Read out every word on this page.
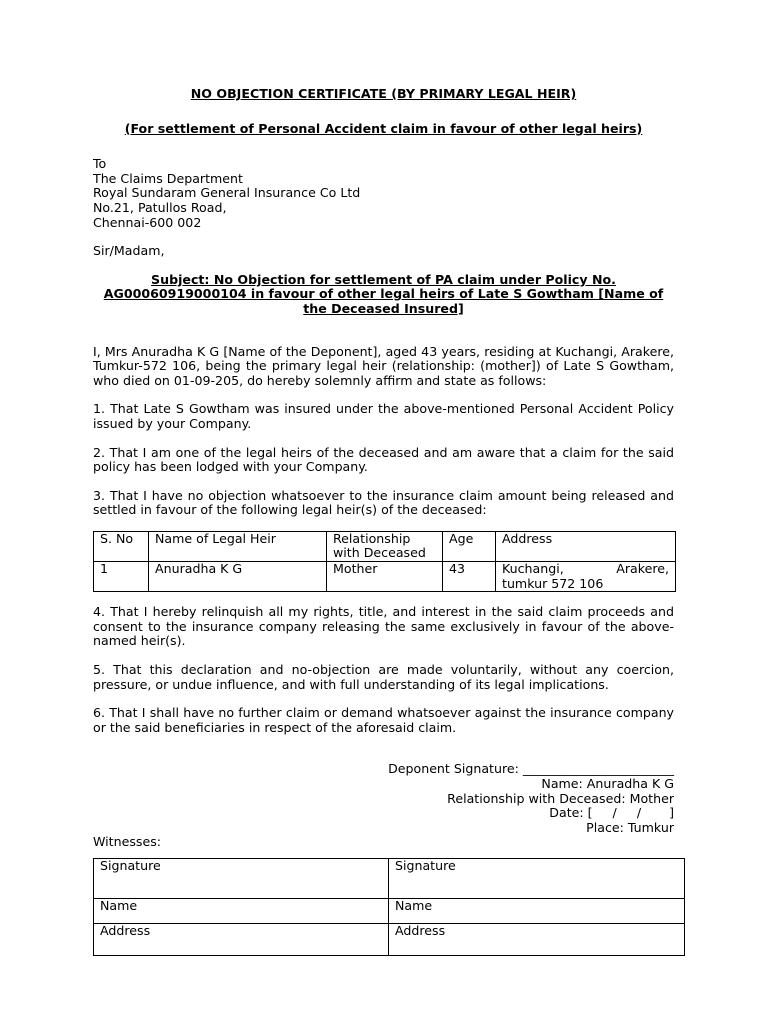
NO OBJECTION CERTIFICATE (BY PRIMARY LEGAL HEIR)
(For settlement of Personal Accident claim in favour of other legal heirs)
To
The Claims Department
Royal Sundaram General Insurance Co Ltd
No.21, Patullos Road,
Chennai-600 002
Sir/Madam,
Subject: No Objection for settlement of PA claim under Policy No.
AG00060919000104 in favour of other legal heirs of Late S Gowtham [Name of the Deceased Insured]

I, Mrs Anuradha K G [Name of the Deponent], aged 43 years, residing at Kuchangi, Arakere, Tumkur-572 106, being the primary legal heir (relationship: (mother]) of Late S Gowtham, who died on 01-09-205, do hereby solemnly affirm and state as follows:

1. That Late S Gowtham was insured under the above-mentioned Personal Accident Policy issued by your Company.

2. That I am one of the legal heirs of the deceased and am aware that a claim for the said policy has been lodged with your Company.

3. That I have no objection whatsoever to the insurance claim amount being released and settled in favour of the following legal heir(s) of the deceased:

S. No	Name of Legal Heir	Relationship with Deceased	Age	Address
1	Anuradha K G	Mother	43	Kuchangi, Arakere, tumkur 572 106

4. That I hereby relinquish all my rights, title, and interest in the said claim proceeds and consent to the insurance company releasing the same exclusively in favour of the above-named heir(s).

5. That this declaration and no-objection are made voluntarily, without any coercion, pressure, or undue influence, and with full understanding of its legal implications.

6. That I shall have no further claim or demand whatsoever against the insurance company or the said beneficiaries in respect of the aforesaid claim.

Deponent Signature: ________________________
Name: Anuradha K G
Relationship with Deceased: Mother
Date: [     /     /       ]
Place: Tumkur
Witnesses:
Signature	Signature
Name	Name
Address	Address
